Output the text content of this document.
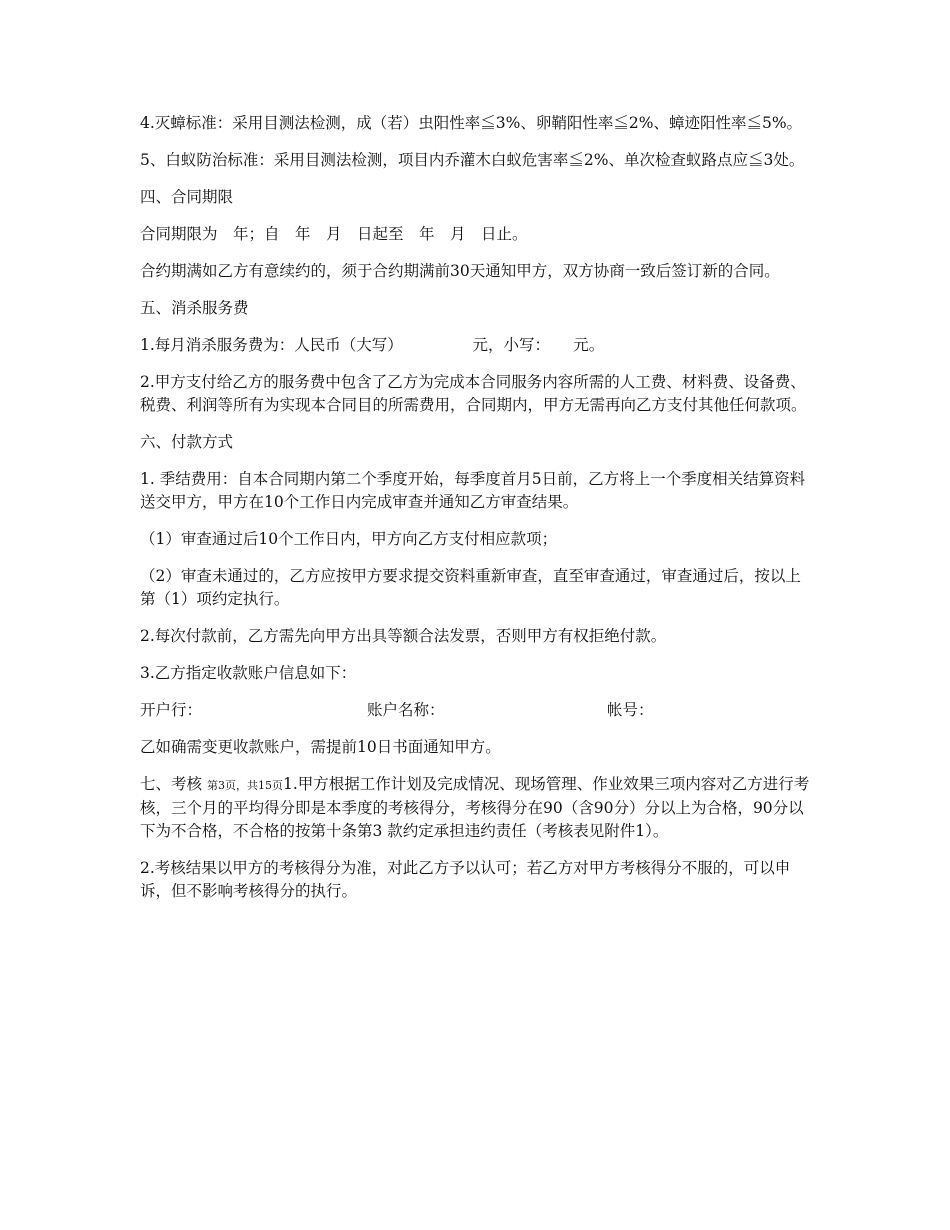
4.灭蟑标准：采用目测法检测，成（若）虫阳性率≦3%、卵鞘阳性率≦2%、蟑迹阳性率≦5%。

5、白蚁防治标准：采用目测法检测，项目内乔灌木白蚁危害率≦2%、单次检查蚁路点应≦3处。

四、合同期限

合同期限为　年；自　年　月　日起至　年　月　日止。

合约期满如乙方有意续约的，须于合约期满前30天通知甲方，双方协商一致后签订新的合同。

五、消杀服务费

1.每月消杀服务费为：人民币（大写）　　　　　元，小写：　　元。

2.甲方支付给乙方的服务费中包含了乙方为完成本合同服务内容所需的人工费、材料费、设备费、税费、利润等所有为实现本合同目的所需费用，合同期内，甲方无需再向乙方支付其他任何款项。

六、付款方式

1. 季结费用：自本合同期内第二个季度开始，每季度首月5日前，乙方将上一个季度相关结算资料送交甲方，甲方在10个工作日内完成审查并通知乙方审查结果。

（1）审查通过后10个工作日内，甲方向乙方支付相应款项；

（2）审查未通过的，乙方应按甲方要求提交资料重新审查，直至审查通过，审查通过后，按以上第（1）项约定执行。

2.每次付款前，乙方需先向甲方出具等额合法发票，否则甲方有权拒绝付款。

3.乙方指定收款账户信息如下：

开户行：	账户名称：	帐号：

乙如确需变更收款账户，需提前10日书面通知甲方。

七、考核 第3页，共15页1.甲方根据工作计划及完成情况、现场管理、作业效果三项内容对乙方进行考核，三个月的平均得分即是本季度的考核得分，考核得分在90（含90分）分以上为合格，90分以下为不合格，不合格的按第十条第3 款约定承担违约责任（考核表见附件1）。

2.考核结果以甲方的考核得分为准，对此乙方予以认可；若乙方对甲方考核得分不服的，可以申诉，但不影响考核得分的执行。
